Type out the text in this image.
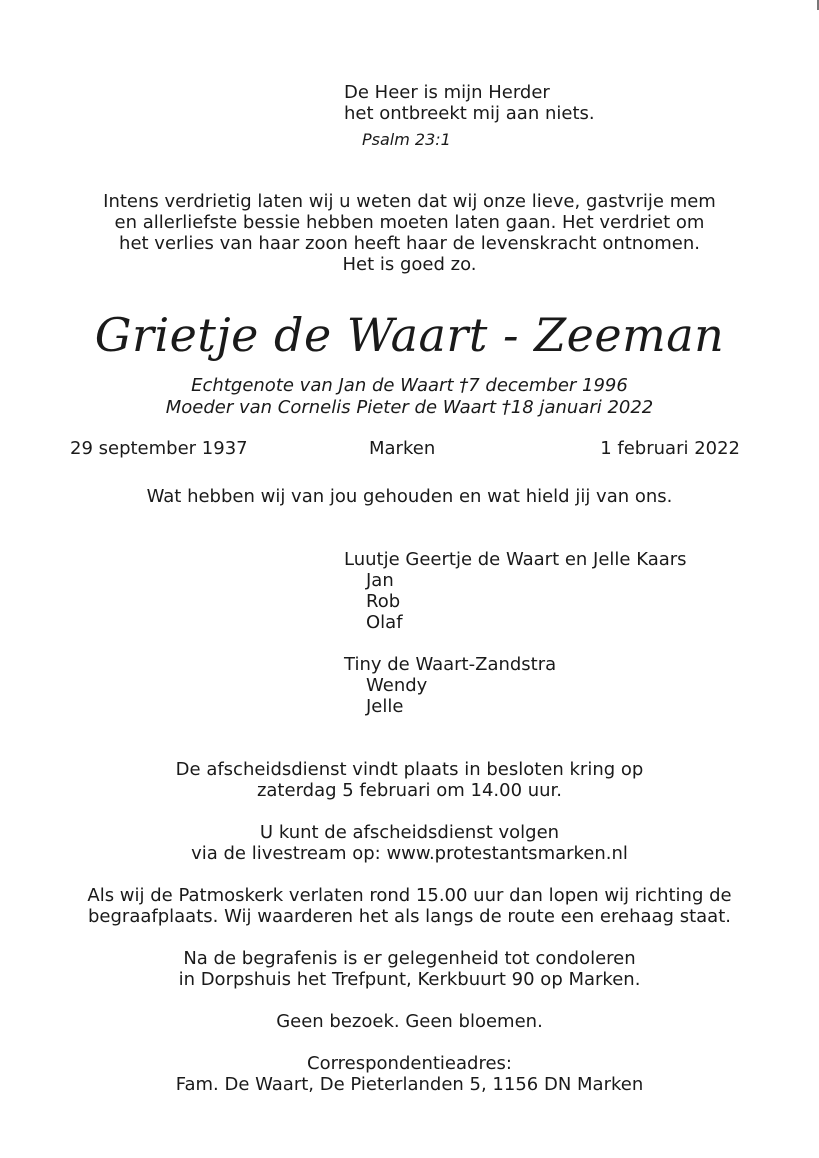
De Heer is mijn Herder
het ontbreekt mij aan niets.
Psalm 23:1
Intens verdrietig laten wij u weten dat wij onze lieve, gastvrije mem
en allerliefste bessie hebben moeten laten gaan. Het verdriet om
het verlies van haar zoon heeft haar de levenskracht ontnomen.
Het is goed zo.
Grietje de Waart - Zeeman
Echtgenote van Jan de Waart †7 december 1996
Moeder van Cornelis Pieter de Waart †18 januari 2022
29 september 1937	Marken	1 februari 2022
Wat hebben wij van jou gehouden en wat hield jij van ons.
Luutje Geertje de Waart en Jelle Kaars
Jan
Rob
Olaf
Tiny de Waart-Zandstra
Wendy
Jelle
De afscheidsdienst vindt plaats in besloten kring op
zaterdag 5 februari om 14.00 uur.
U kunt de afscheidsdienst volgen
via de livestream op: www.protestantsmarken.nl
Als wij de Patmoskerk verlaten rond 15.00 uur dan lopen wij richting de
begraafplaats. Wij waarderen het als langs de route een erehaag staat.
Na de begrafenis is er gelegenheid tot condoleren
in Dorpshuis het Trefpunt, Kerkbuurt 90 op Marken.
Geen bezoek. Geen bloemen.
Correspondentieadres:
Fam. De Waart, De Pieterlanden 5, 1156 DN Marken
